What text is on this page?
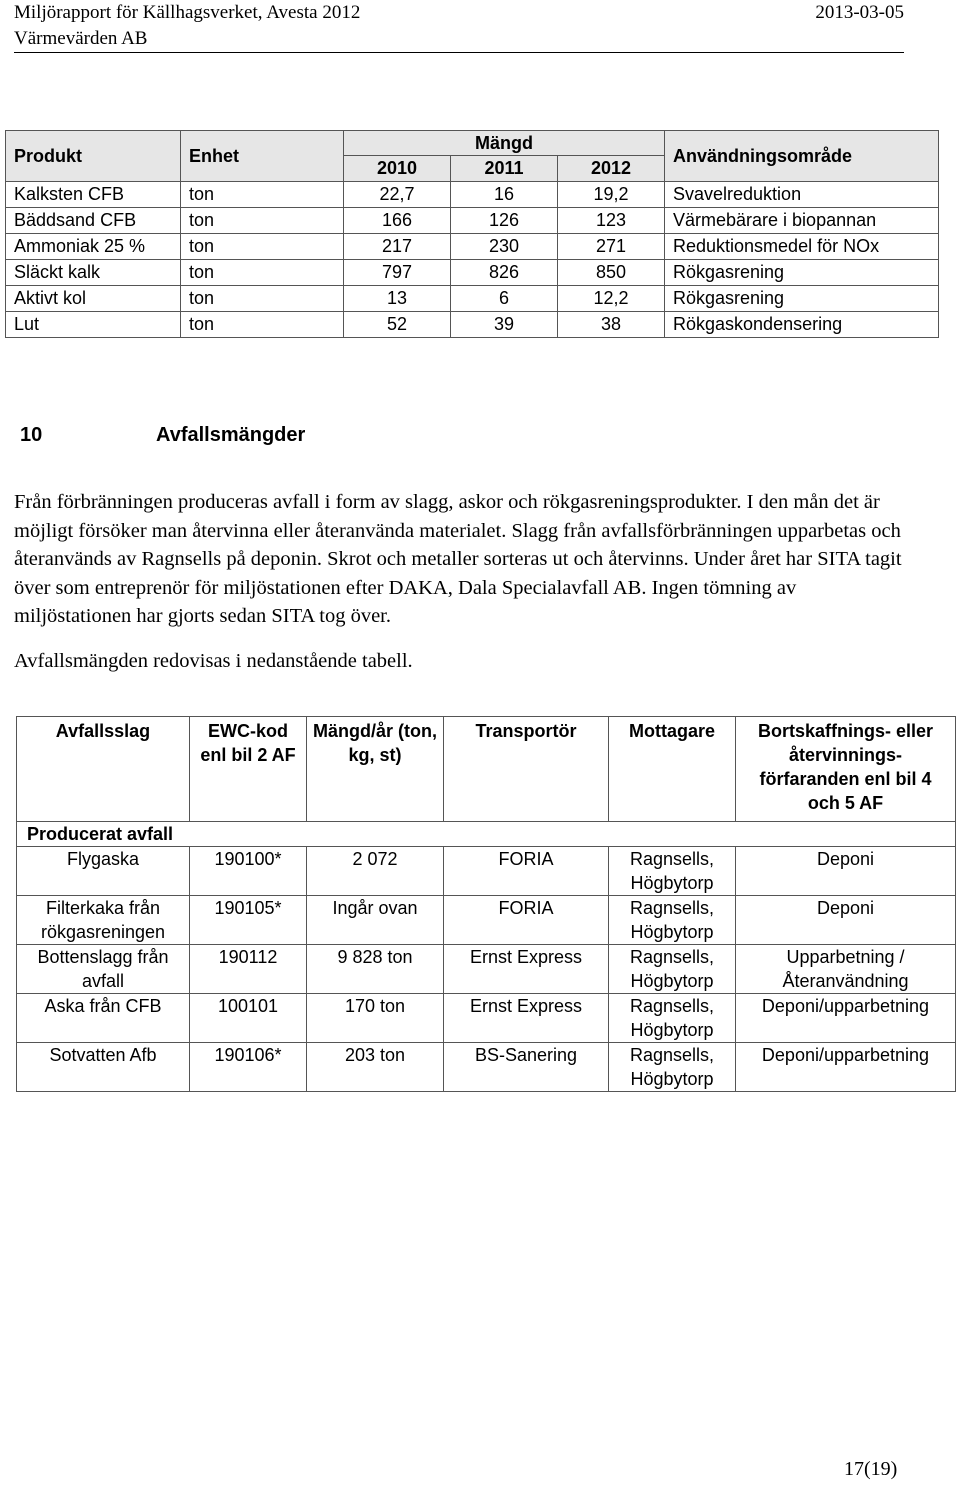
Miljörapport för Källhagsverket, Avesta 2012	2013-03-05
Värmevärden AB
Produkt	Enhet	Mängd			Användningsområde
		2010	2011	2012	
Kalksten CFB	ton	22,7	16	19,2	Svavelreduktion
Bäddsand CFB	ton	166	126	123	Värmebärare i biopannan
Ammoniak 25 %	ton	217	230	271	Reduktionsmedel för NOx
Släckt kalk	ton	797	826	850	Rökgasrening
Aktivt kol	ton	13	6	12,2	Rökgasrening
Lut	ton	52	39	38	Rökgaskondensering
10	Avfallsmängder

Från förbränningen produceras avfall i form av slagg, askor och rökgasreningsprodukter. I den mån det är möjligt försöker man återvinna eller återanvända materialet. Slagg från avfallsförbränningen upparbetas och återanvänds av Ragnsells på deponin. Skrot och metaller sorteras ut och återvinns. Under året har SITA tagit över som entreprenör för miljöstationen efter DAKA, Dala Specialavfall AB. Ingen tömning av miljöstationen har gjorts sedan SITA tog över.

Avfallsmängden redovisas i nedanstående tabell.

Avfallsslag	EWC-kod enl bil 2 AF	Mängd/år (ton, kg, st)	Transportör	Mottagare	Bortskaffnings- eller återvinnings-förfaranden enl bil 4 och 5 AF
Producerat avfall					
Flygaska	190100*	2 072	FORIA	Ragnsells, Högbytorp	Deponi
Filterkaka från rökgasreningen	190105*	Ingår ovan	FORIA	Ragnsells, Högbytorp	Deponi
Bottenslagg från avfall	190112	9 828 ton	Ernst Express	Ragnsells, Högbytorp	Upparbetning /Återanvändning
Aska från CFB	100101	170 ton	Ernst Express	Ragnsells, Högbytorp	Deponi/upparbetning
Sotvatten Afb	190106*	203 ton	BS-Sanering	Ragnsells, Högbytorp	Deponi/upparbetning
17(19)
